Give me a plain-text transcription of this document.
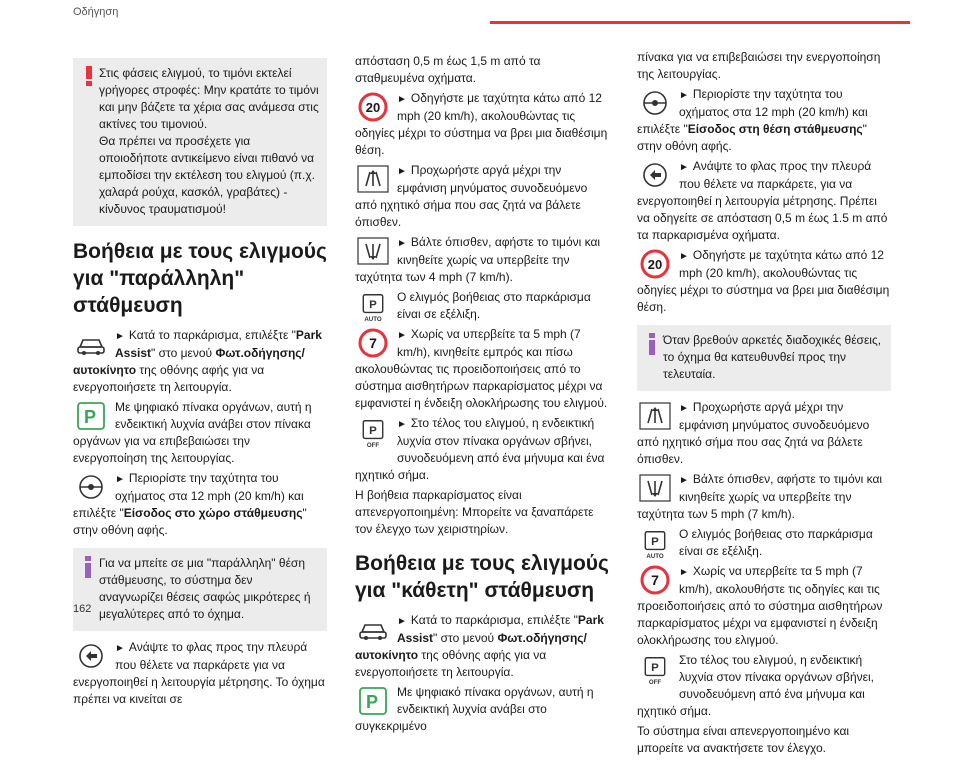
Οδήγηση
Στις φάσεις ελιγμού, το τιμόνι εκτελεί γρήγορες στροφές: Μην κρατάτε το τιμόνι και μην βάζετε τα χέρια σας ανάμεσα στις ακτίνες του τιμονιού.
Θα πρέπει να προσέχετε για οποιοδήποτε αντικείμενο είναι πιθανό να εμποδίσει την εκτέλεση του ελιγμού (π.χ. χαλαρά ρούχα, κασκόλ, γραβάτες) - κίνδυνος τραυματισμού!
Βοήθεια με τους ελιγμούς για "παράλληλη" στάθμευση

► Κατά το παρκάρισμα, επιλέξτε "Park Assist" στο μενού Φωτ.οδήγησης/αυτοκίνητο της οθόνης αφής για να ενεργοποιήσετε τη λειτουργία.

P	Με ψηφιακό πίνακα οργάνων, αυτή η ενδεικτική λυχνία ανάβει στον πίνακα οργάνων για να επιβεβαιώσει την ενεργοποίηση της λειτουργίας.

► Περιορίστε την ταχύτητα του οχήματος στα 12 mph (20 km/h) και επιλέξτε "Είσοδος στο χώρο στάθμευσης" στην οθόνη αφής.

Για να μπείτε σε μια "παράλληλη" θέση στάθμευσης, το σύστημα δεν αναγνωρίζει θέσεις σαφώς μικρότερες ή μεγαλύτερες από το όχημα.

► Ανάψτε το φλας προς την πλευρά που θέλετε να παρκάρετε για να ενεργοποιηθεί η λειτουργία μέτρησης. Το όχημα πρέπει να κινείται σε

απόσταση 0,5 m έως 1,5 m από τα σταθμευμένα οχήματα.

20

► Οδηγήστε με ταχύτητα κάτω από 12 mph (20 km/h), ακολουθώντας τις οδηγίες μέχρι το σύστημα να βρει μια διαθέσιμη θέση.

► Προχωρήστε αργά μέχρι την εμφάνιση μηνύματος συνοδευόμενο από ηχητικό σήμα που σας ζητά να βάλετε όπισθεν.

► Βάλτε όπισθεν, αφήστε το τιμόνι και κινηθείτε χωρίς να υπερβείτε την ταχύτητα των 4 mph (7 km/h).

P
AUTO

Ο ελιγμός βοήθειας στο παρκάρισμα είναι σε εξέλιξη.

7	► Χωρίς να υπερβείτε τα 5 mph (7 km/h), κινηθείτε εμπρός και πίσω ακολουθώντας τις προειδοποιήσεις από το σύστημα αισθητήρων παρκαρίσματος μέχρι να εμφανιστεί η ένδειξη ολοκλήρωσης του ελιγμού.

P
OFF

► Στο τέλος του ελιγμού, η ενδεικτική λυχνία στον πίνακα οργάνων σβήνει, συνοδευόμενη από ένα μήνυμα και ένα ηχητικό σήμα.

Η βοήθεια παρκαρίσματος είναι απενεργοποιημένη: Μπορείτε να ξαναπάρετε τον έλεγχο των χειριστηρίων.

Βοήθεια με τους ελιγμούς για "κάθετη" στάθμευση

► Κατά το παρκάρισμα, επιλέξτε "Park Assist" στο μενού Φωτ.οδήγησης/αυτοκίνητο της οθόνης αφής για να ενεργοποιήσετε τη λειτουργία.

P	Με ψηφιακό πίνακα οργάνων, αυτή η ενδεικτική λυχνία ανάβει στο συγκεκριμένο

πίνακα για να επιβεβαιώσει την ενεργοποίηση της λειτουργίας.

► Περιορίστε την ταχύτητα του οχήματος στα 12 mph (20 km/h) και επιλέξτε "Είσοδος στη θέση στάθμευσης" στην οθόνη αφής.

► Ανάψτε το φλας προς την πλευρά που θέλετε να παρκάρετε, για να ενεργοποιηθεί η λειτουργία μέτρησης. Πρέπει να οδηγείτε σε απόσταση 0,5 m έως 1.5 m από τα παρκαρισμένα οχήματα.

20

► Οδηγήστε με ταχύτητα κάτω από 12 mph (20 km/h), ακολουθώντας τις οδηγίες μέχρι το σύστημα να βρει μια διαθέσιμη θέση.

Όταν βρεθούν αρκετές διαδοχικές θέσεις, το όχημα θα κατευθυνθεί προς την τελευταία.

► Προχωρήστε αργά μέχρι την εμφάνιση μηνύματος συνοδευόμενο από ηχητικό σήμα που σας ζητά να βάλετε όπισθεν.

► Βάλτε όπισθεν, αφήστε το τιμόνι και κινηθείτε χωρίς να υπερβείτε την ταχύτητα των 5 mph (7 km/h).

P
AUTO

Ο ελιγμός βοήθειας στο παρκάρισμα είναι σε εξέλιξη.

7	► Χωρίς να υπερβείτε τα 5 mph (7 km/h), ακολουθήστε τις οδηγίες και τις προειδοποιήσεις από το σύστημα αισθητήρων παρκαρίσματος μέχρι να εμφανιστεί η ένδειξη ολοκλήρωσης του ελιγμού.

P
OFF

Στο τέλος του ελιγμού, η ενδεικτική λυχνία στον πίνακα οργάνων σβήνει, συνοδευόμενη από ένα μήνυμα και ηχητικό σήμα.

Το σύστημα είναι απενεργοποιημένο και μπορείτε να ανακτήσετε τον έλεγχο.

162
